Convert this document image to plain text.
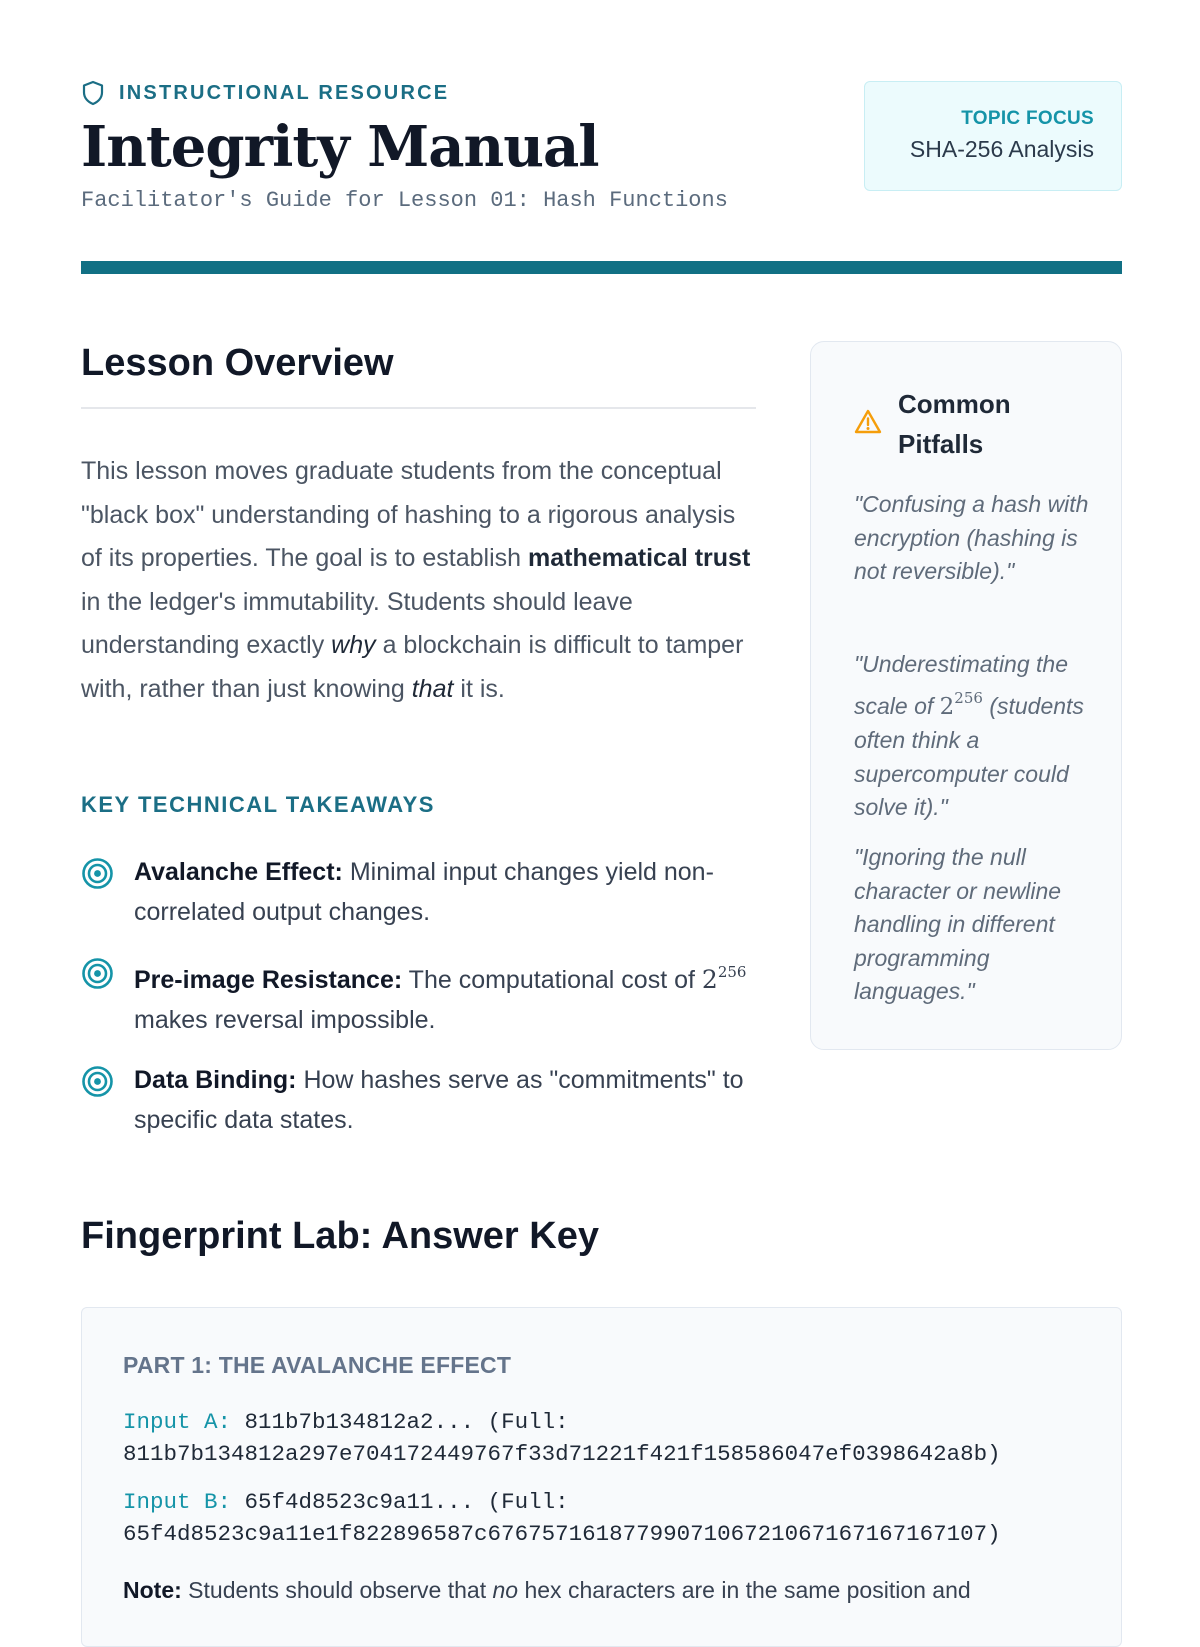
INSTRUCTIONAL RESOURCE
Integrity Manual
Facilitator's Guide for Lesson 01: Hash Functions
TOPIC FOCUS
SHA-256 Analysis
Lesson Overview

This lesson moves graduate students from the conceptual "black box" understanding of hashing to a rigorous analysis of its properties. The goal is to establish mathematical trust in the ledger's immutability. Students should leave understanding exactly why a blockchain is difficult to tamper with, rather than just knowing that it is.

KEY TECHNICAL TAKEAWAYS
Avalanche Effect: Minimal input changes yield non-correlated output changes.
Pre-image Resistance: The computational cost of $2^{256}$ makes reversal impossible.
Data Binding: How hashes serve as "commitments" to specific data states.
Common Pitfalls
"Confusing a hash with encryption (hashing is not reversible)."
"Underestimating the scale of $2^{256}$ (students often think a supercomputer could solve it)."
"Ignoring the null character or newline handling in different programming languages."
Fingerprint Lab: Answer Key
PART 1: THE AVALANCHE EFFECT
Input A: 811b7b134812a2... (Full:
811b7b134812a297e704172449767f33d71221f421f158586047ef0398642a8b)
Input B: 65f4d8523c9a11... (Full:
65f4d8523c9a11e1f822896587c6767571618779907106721067167167167107)
Note: Students should observe that no hex characters are in the same position and
